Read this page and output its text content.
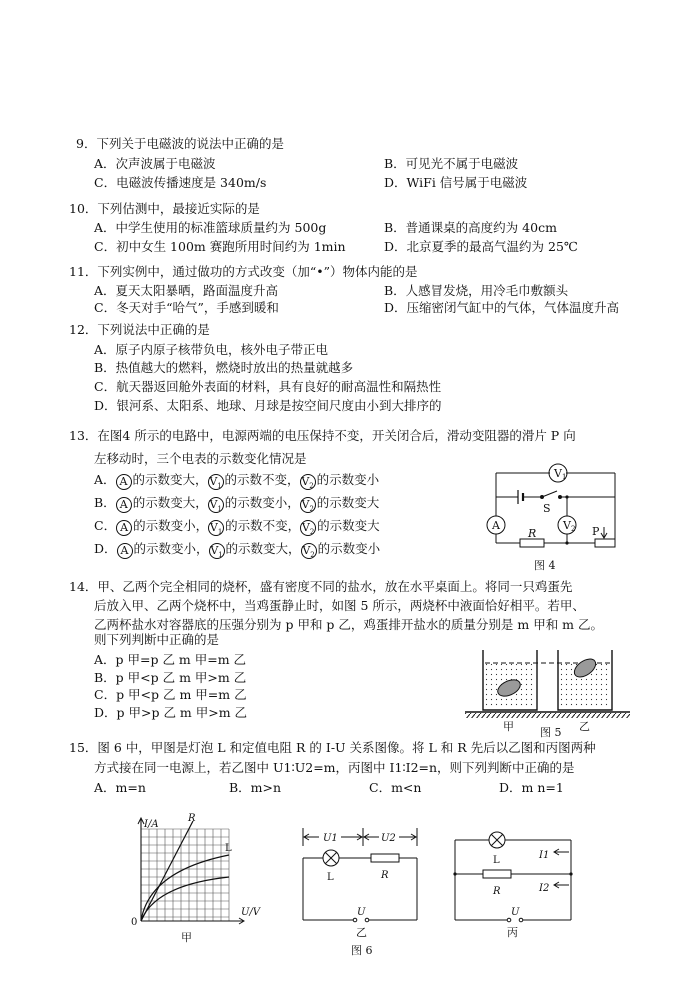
9．下列关于电磁波的说法中正确的是
A．次声波属于电磁波	B．可见光不属于电磁波
C．电磁波传播速度是 340m/s	D．WiFi 信号属于电磁波
10．下列估测中，最接近实际的是
A．中学生使用的标准篮球质量约为 500g	B．普通课桌的高度约为 40cm
C．初中女生 100m 赛跑所用时间约为 1min	D．北京夏季的最高气温约为 25℃
11．下列实例中，通过做功的方式改变（加“•”）物体内能的是
A．夏天太阳暴晒，路面温度升高	B．人感冒发烧，用冷毛巾敷额头
C．冬天对手“哈气”，手感到暖和	D．压缩密闭气缸中的气体，气体温度升高
12．下列说法中正确的是
A．原子内原子核带负电，核外电子带正电
B．热值越大的燃料，燃烧时放出的热量就越多
C．航天器返回舱外表面的材料，具有良好的耐高温性和隔热性
D．银河系、太阳系、地球、月球是按空间尺度由小到大排序的
13．在图4 所示的电路中，电源两端的电压保持不变，开关闭合后，滑动变阻器的滑片 P 向
左移动时，三个电表的示数变化情况是
A． A 的示数变大， $V_1$ 的示数不变， $V_2$ 的示数变小
B． A 的示数变大， $V_1$ 的示数变小， $V_2$ 的示数变大
C． A 的示数变小， $V_1$ 的示数不变， $V_2$ 的示数变大
D． A 的示数变小， $V_1$ 的示数变大， $V_2$ 的示数变小
V 1
A	V 2
S
R	P
图 4
14．甲、乙两个完全相同的烧杯，盛有密度不同的盐水，放在水平桌面上。将同一只鸡蛋先
后放入甲、乙两个烧杯中，当鸡蛋静止时，如图 5 所示，两烧杯中液面恰好相平。若甲、
乙两杯盐水对容器底的压强分别为 p 甲和 p 乙，鸡蛋排开盐水的质量分别是 m 甲和 m 乙。
则下列判断中正确的是
A．p 甲=p 乙 m 甲=m 乙
B．p 甲<p 乙 m 甲>m 乙
C．p 甲<p 乙 m 甲=m 乙
D．p 甲>p 乙 m 甲>m 乙
甲	乙
图 5
15．图 6 中，甲图是灯泡 L 和定值电阻 R 的 I-U 关系图像。将 L 和 R 先后以乙图和丙图两种
方式接在同一电源上，若乙图中 U1∶U2=m，丙图中 I1∶I2=n，则下列判断中正确的是
A．m=n	B．m>n	C．m<n	D．m n=1
I/A
0
U/V
R
L
甲
U1	U2
L	R
U
乙
图 6
L
R
I1
I2
U
丙
